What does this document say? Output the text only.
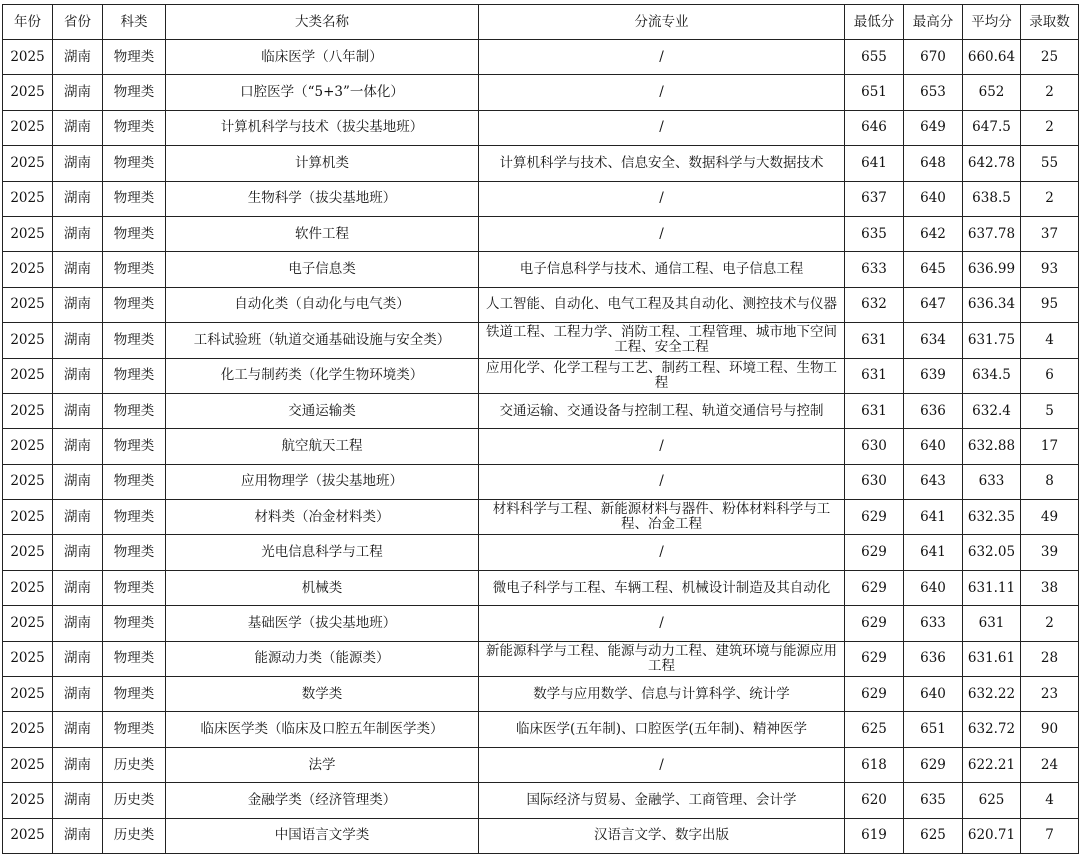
年份	省份	科类	大类名称	分流专业	最低分	最高分	平均分	录取数
2025	湖南	物理类	临床医学（八年制）	/	655	670	660.64	25
2025	湖南	物理类	口腔医学（“5+3”一体化）	/	651	653	652	2
2025	湖南	物理类	计算机科学与技术（拔尖基地班）	/	646	649	647.5	2
2025	湖南	物理类	计算机类	计算机科学与技术、信息安全、数据科学与大数据技术	641	648	642.78	55
2025	湖南	物理类	生物科学（拔尖基地班）	/	637	640	638.5	2
2025	湖南	物理类	软件工程	/	635	642	637.78	37
2025	湖南	物理类	电子信息类	电子信息科学与技术、通信工程、电子信息工程	633	645	636.99	93
2025	湖南	物理类	自动化类（自动化与电气类）	人工智能、自动化、电气工程及其自动化、测控技术与仪器	632	647	636.34	95
2025	湖南	物理类	工科试验班（轨道交通基础设施与安全类）	铁道工程、工程力学、消防工程、工程管理、城市地下空间工程、安全工程	631	634	631.75	4
2025	湖南	物理类	化工与制药类（化学生物环境类）	应用化学、化学工程与工艺、制药工程、环境工程、生物工程	631	639	634.5	6
2025	湖南	物理类	交通运输类	交通运输、交通设备与控制工程、轨道交通信号与控制	631	636	632.4	5
2025	湖南	物理类	航空航天工程	/	630	640	632.88	17
2025	湖南	物理类	应用物理学（拔尖基地班）	/	630	643	633	8
2025	湖南	物理类	材料类（冶金材料类）	材料科学与工程、新能源材料与器件、粉体材料科学与工程、冶金工程	629	641	632.35	49
2025	湖南	物理类	光电信息科学与工程	/	629	641	632.05	39
2025	湖南	物理类	机械类	微电子科学与工程、车辆工程、机械设计制造及其自动化	629	640	631.11	38
2025	湖南	物理类	基础医学（拔尖基地班）	/	629	633	631	2
2025	湖南	物理类	能源动力类（能源类）	新能源科学与工程、能源与动力工程、建筑环境与能源应用工程	629	636	631.61	28
2025	湖南	物理类	数学类	数学与应用数学、信息与计算科学、统计学	629	640	632.22	23
2025	湖南	物理类	临床医学类（临床及口腔五年制医学类）	临床医学(五年制)、口腔医学(五年制)、精神医学	625	651	632.72	90
2025	湖南	历史类	法学	/	618	629	622.21	24
2025	湖南	历史类	金融学类（经济管理类）	国际经济与贸易、金融学、工商管理、会计学	620	635	625	4
2025	湖南	历史类	中国语言文学类	汉语言文学、数字出版	619	625	620.71	7
